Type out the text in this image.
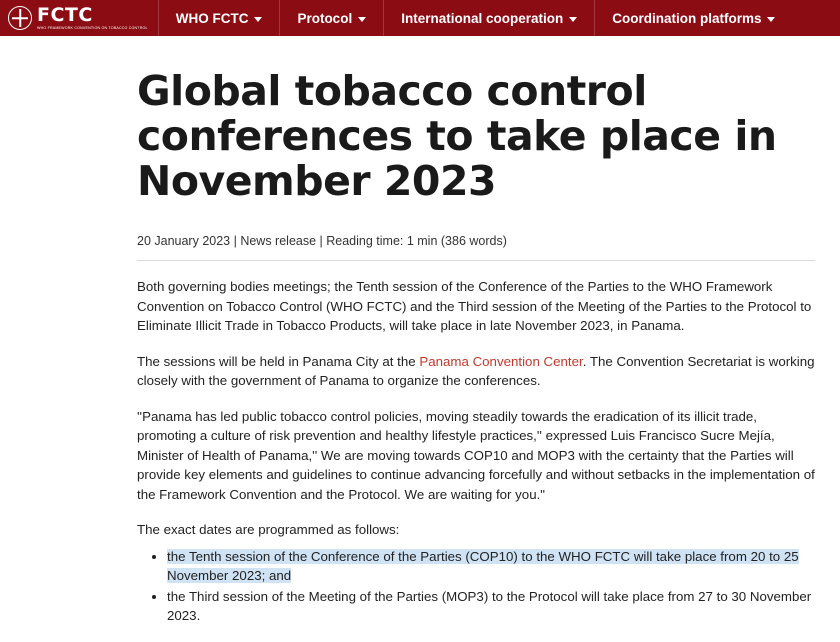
FCTC
WHO FRAMEWORK CONVENTION ON TOBACCO CONTROL
WHO FCTC	Protocol	International cooperation	Coordination platforms
Global tobacco control conferences to take place in November 2023
20 January 2023 | News release | Reading time: 1 min (386 words)

Both governing bodies meetings; the Tenth session of the Conference of the Parties to the WHO Framework Convention on Tobacco Control (WHO FCTC) and the Third session of the Meeting of the Parties to the Protocol to Eliminate Illicit Trade in Tobacco Products, will take place in late November 2023, in Panama.

The sessions will be held in Panama City at the Panama Convention Center. The Convention Secretariat is working closely with the government of Panama to organize the conferences.

''Panama has led public tobacco control policies, moving steadily towards the eradication of its illicit trade, promoting a culture of risk prevention and healthy lifestyle practices,'' expressed Luis Francisco Sucre Mejía, Minister of Health of Panama,'' We are moving towards COP10 and MOP3 with the certainty that the Parties will provide key elements and guidelines to continue advancing forcefully and without setbacks in the implementation of the Framework Convention and the Protocol. We are waiting for you."

The exact dates are programmed as follows:

• the Tenth session of the Conference of the Parties (COP10) to the WHO FCTC will take place from 20 to 25 November 2023; and
• the Third session of the Meeting of the Parties (MOP3) to the Protocol will take place from 27 to 30 November 2023.
